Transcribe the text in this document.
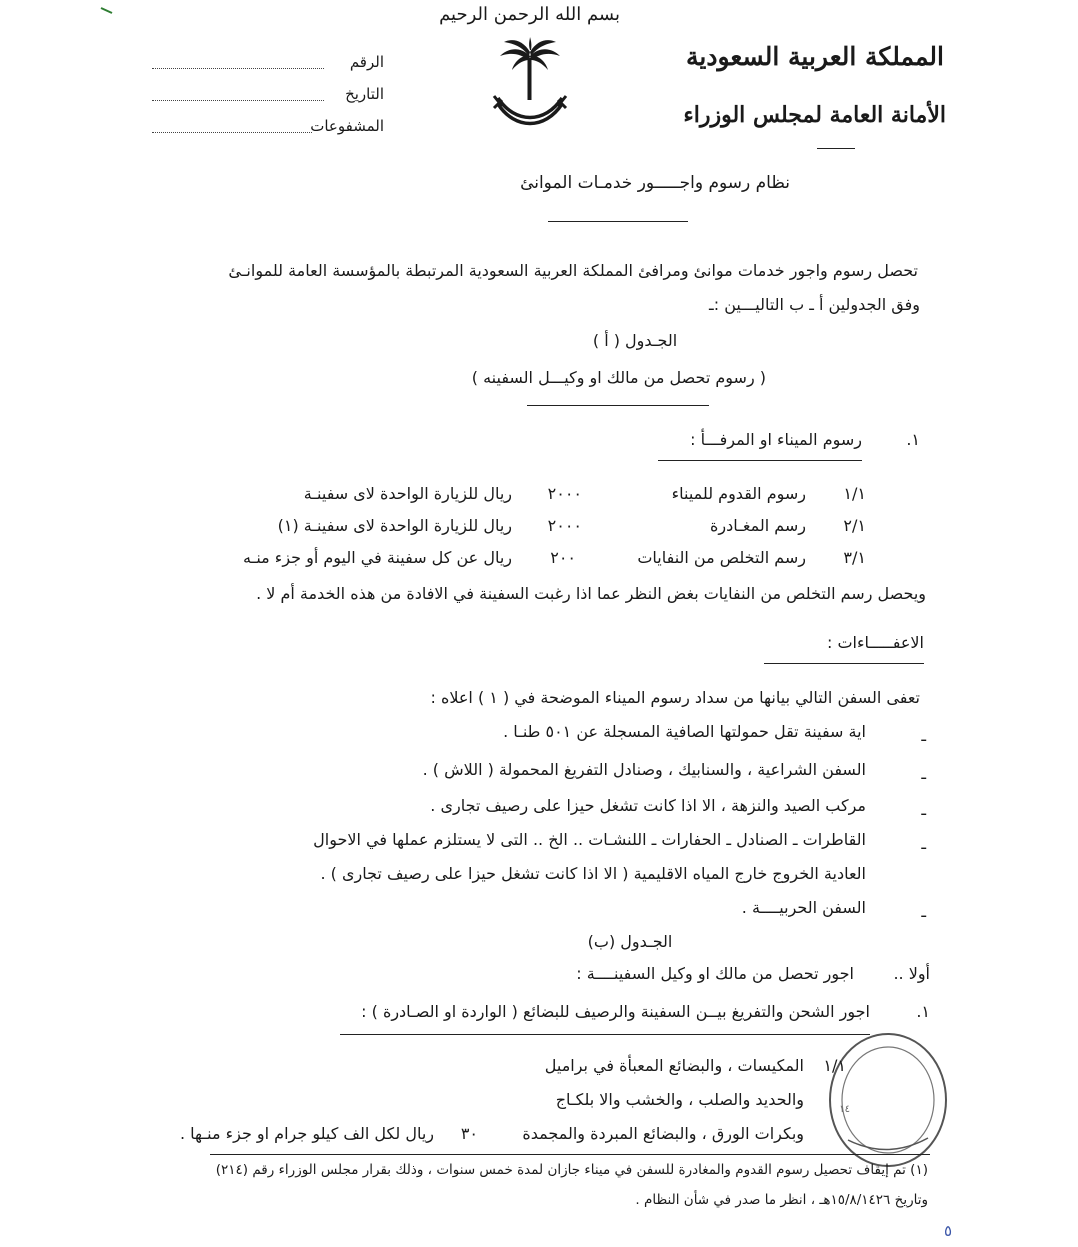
بسم الله الرحمن الرحيم
المملكة العربية السعودية
الأمانة العامة لمجلس الوزراء
الرقم
التاريخ
المشفوعات
نظام رسوم واجـــــور خدمـات الموانئ
تحصل رسوم واجور خدمات موانئ ومرافئ المملكة العربية السعودية المرتبطة بالمؤسسة العامة للموانـئ
وفق الجدولين أ ـ ب التاليـــين :ـ
الجـدول ( أ )
( رسوم تحصل من مالك او وكيـــل السفينه )
١.
رسوم الميناء او المرفـــأ :
١/١
رسوم القدوم للميناء
٢٠٠٠
ريال للزيارة الواحدة لاى سفينـة
٢/١
رسم المغـادرة
٢٠٠٠
ريال للزيارة الواحدة لاى سفينـة (١)
٣/١
رسم التخلص من النفايات
٢٠٠
ريال عن كل سفينة في اليوم أو جزء منـه
ويحصل رسم التخلص من النفايات بغض النظر عما اذا رغبت السفينة في الافادة من هذه الخدمة أم لا .
الاعفـــــاءات :
تعفى السفن التالي بيانها من سداد رسوم الميناء الموضحة في ( ١ ) اعلاه :
ـ
اية سفينة تقل حمولتها الصافية المسجلة عن ٥٠١ طنـا .
ـ
السفن الشراعية ، والسنابيك ، وصنادل التفريغ المحمولة ( اللاش ) .
ـ
مركب الصيد والنزهة ، الا اذا كانت تشغل حيزا على رصيف تجارى .
ـ
القاطرات ـ الصنادل ـ الحفارات ـ اللنشـات .. الخ .. التى لا يستلزم عملها في الاحوال
العادية الخروج خارج المياه الاقليمية ( الا اذا كانت تشغل حيزا على رصيف تجارى ) .
ـ
السفن الحربيــــة .
الجـدول (ب)
أولا ..
اجور تحصل من مالك او وكيل السفينــــة :
١.
اجور الشحن والتفريغ بيــن السفينة والرصيف للبضائع ( الواردة او الصـادرة ) :
١٤
١/١
المكيسات ، والبضائع المعبأة في براميل
والحديد والصلب ، والخشب والا بلكـاج
وبكرات الورق ، والبضائع المبردة والمجمدة
٣٠
ريال لكل الف كيلو جرام او جزء منـها .
(١) تم إيقاف تحصيل رسوم القدوم والمغادرة للسفن في ميناء جازان لمدة خمس سنوات ، وذلك بقرار مجلس الوزراء رقم (٢١٤)
وتاريخ ١٥/٨/١٤٢٦هـ ، انظر ما صدر في شأن النظام .
٥
